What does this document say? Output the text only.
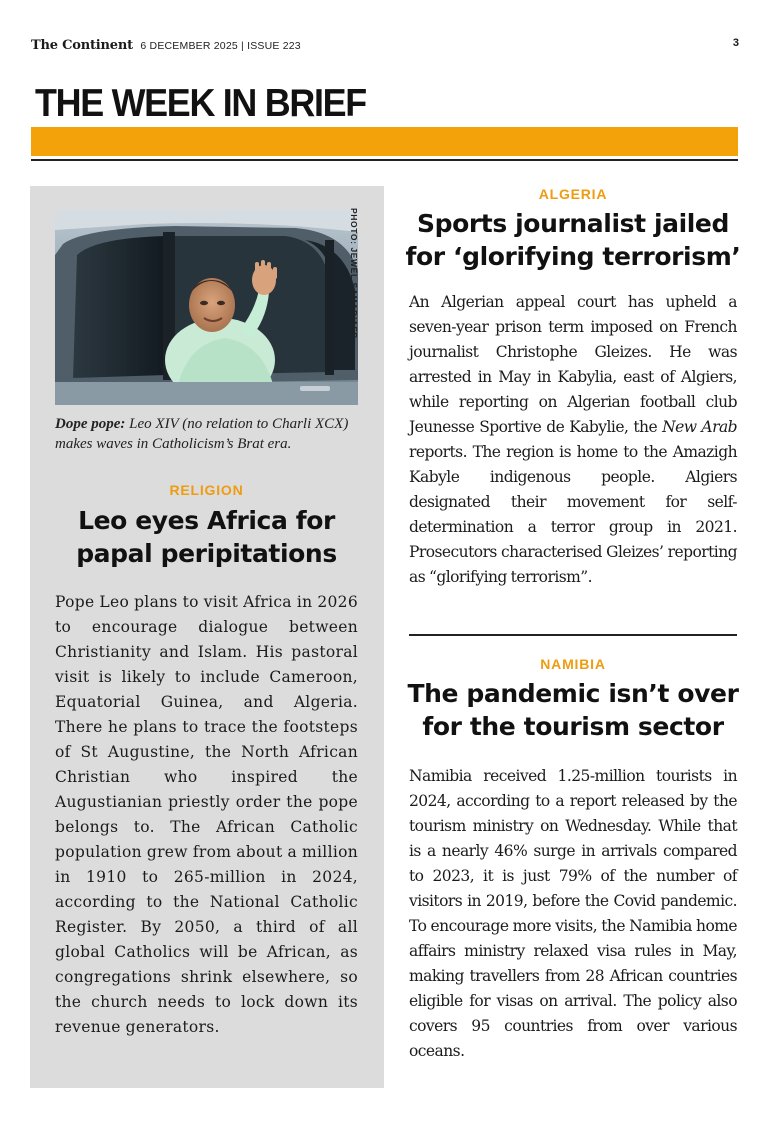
The Continent 6 DECEMBER 2025 | ISSUE 223	3
THE WEEK IN BRIEF
PHOTO: JEWEL SAMAD/AFP
Dope pope: Leo XIV (no relation to Charli XCX) makes waves in Catholicism’s Brat era.
RELIGION
Leo eyes Africa for papal peripitations
Pope Leo plans to visit Africa in 2026 to encourage dialogue between Christianity and Islam. His pastoral visit is likely to include Cameroon, Equatorial Guinea, and Algeria. There he plans to trace the footsteps of St Augustine, the North African Christian who inspired the Augustianian priestly order the pope belongs to. The African Catholic population grew from about a million in 1910 to 265-million in 2024, according to the National Catholic Register. By 2050, a third of all global Catholics will be African, as congregations shrink elsewhere, so the church needs to lock down its revenue generators.
ALGERIA
Sports journalist jailed for ‘glorifying terrorism’
An Algerian appeal court has upheld a seven-year prison term imposed on French journalist Christophe Gleizes. He was arrested in May in Kabylia, east of Algiers, while reporting on Algerian football club Jeunesse Sportive de Kabylie, the New Arab reports. The region is home to the Amazigh Kabyle indigenous people. Algiers designated their movement for self-determination a terror group in 2021. Prosecutors characterised Gleizes’ reporting as “glorifying terrorism”.
NAMIBIA
The pandemic isn’t over for the tourism sector
Namibia received 1.25-million tourists in 2024, according to a report released by the tourism ministry on Wednesday. While that is a nearly 46% surge in arrivals compared to 2023, it is just 79% of the number of visitors in 2019, before the Covid pandemic. To encourage more visits, the Namibia home affairs ministry relaxed visa rules in May, making travellers from 28 African countries eligible for visas on arrival. The policy also covers 95 countries from over various oceans.
